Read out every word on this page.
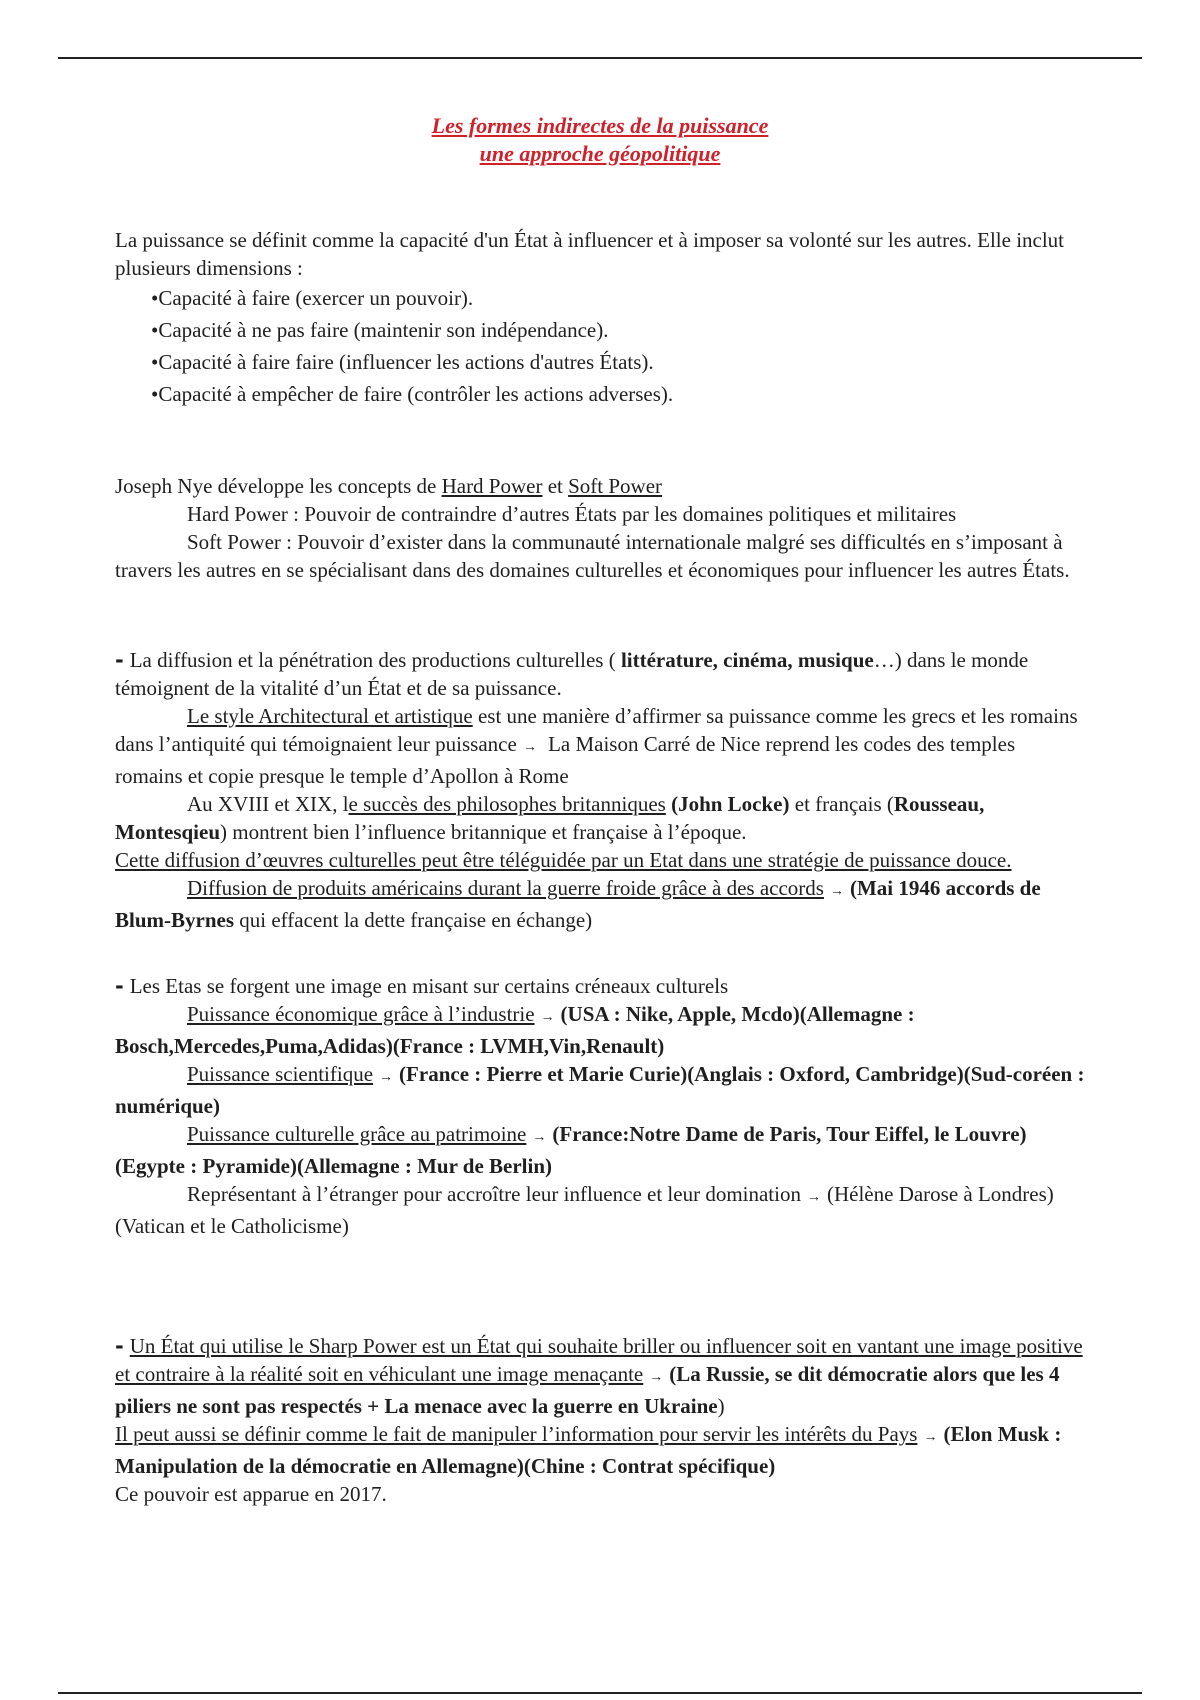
Les formes indirectes de la puissance
une approche géopolitique

La puissance se définit comme la capacité d'un État à influencer et à imposer sa volonté sur les autres. Elle inclut plusieurs dimensions :

•Capacité à faire (exercer un pouvoir).

•Capacité à ne pas faire (maintenir son indépendance).

•Capacité à faire faire (influencer les actions d'autres États).

•Capacité à empêcher de faire (contrôler les actions adverses).

Joseph Nye développe les concepts de Hard Power et Soft Power

Hard Power : Pouvoir de contraindre d’autres États par les domaines politiques et militaires

Soft Power : Pouvoir d’exister dans la communauté internationale malgré ses difficultés en s’imposant à travers les autres en se spécialisant dans des domaines culturelles et économiques pour influencer les autres États.

- La diffusion et la pénétration des productions culturelles ( littérature, cinéma, musique…) dans le monde témoignent de la vitalité d’un État et de sa puissance.

Le style Architectural et artistique est une manière d’affirmer sa puissance comme les grecs et les romains dans l’antiquité qui témoignaient leur puissance → La Maison Carré de Nice reprend les codes des temples romains et copie presque le temple d’Apollon à Rome

Au XVIII et XIX, le succès des philosophes britanniques (John Locke) et français (Rousseau, Montesqieu) montrent bien l’influence britannique et française à l’époque.

Cette diffusion d’œuvres culturelles peut être téléguidée par un Etat dans une stratégie de puissance douce.

Diffusion de produits américains durant la guerre froide grâce à des accords → (Mai 1946 accords de Blum-Byrnes qui effacent la dette française en échange)

- Les Etas se forgent une image en misant sur certains créneaux culturels

Puissance économique grâce à l’industrie → (USA : Nike, Apple, Mcdo)(Allemagne : Bosch,Mercedes,Puma,Adidas)(France : LVMH,Vin,Renault)

Puissance scientifique → (France : Pierre et Marie Curie)(Anglais : Oxford, Cambridge)(Sud-coréen : numérique)

Puissance culturelle grâce au patrimoine → (France:Notre Dame de Paris, Tour Eiffel, le Louvre)(Egypte : Pyramide)(Allemagne : Mur de Berlin)

Représentant à l’étranger pour accroître leur influence et leur domination → (Hélène Darose à Londres)(Vatican et le Catholicisme)

- Un État qui utilise le Sharp Power est un État qui souhaite briller ou influencer soit en vantant une image positive et contraire à la réalité soit en véhiculant une image menaçante → (La Russie, se dit démocratie alors que les 4 piliers ne sont pas respectés + La menace avec la guerre en Ukraine)

Il peut aussi se définir comme le fait de manipuler l’information pour servir les intérêts du Pays → (Elon Musk : Manipulation de la démocratie en Allemagne)(Chine : Contrat spécifique)

Ce pouvoir est apparue en 2017.
